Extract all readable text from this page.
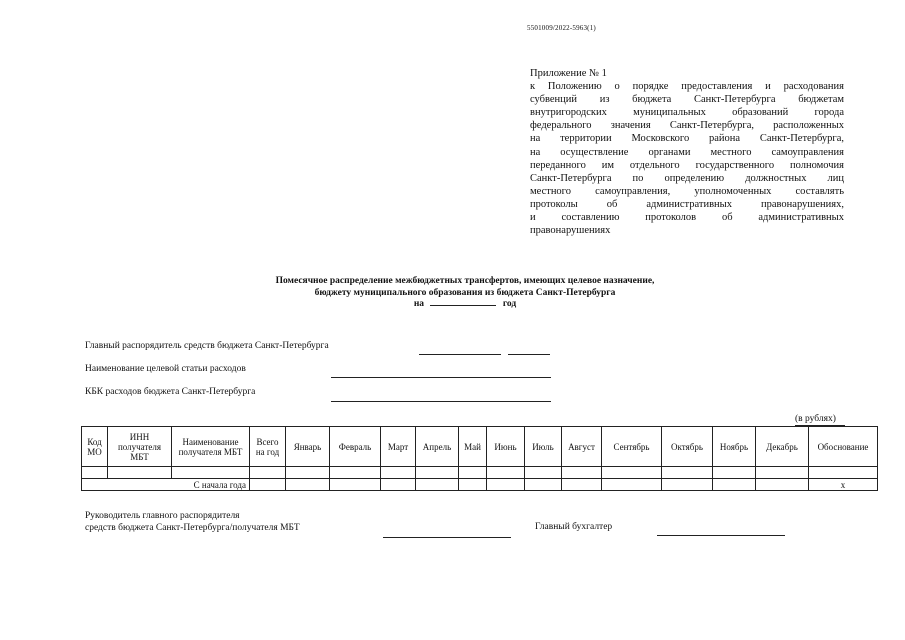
5501009/2022-5963(1)
Приложение № 1
к Положению о порядке предоставления и расходования
субвенций из бюджета Санкт-Петербурга бюджетам
внутригородских муниципальных образований города
федерального значения Санкт-Петербурга, расположенных
на территории Московского района Санкт-Петербурга,
на осуществление органами местного самоуправления
переданного им отдельного государственного полномочия
Санкт-Петербурга по определению должностных лиц
местного самоуправления, уполномоченных составлять
протоколы об административных правонарушениях,
и составлению протоколов об административных
правонарушениях
Помесячное распределение межбюджетных трансфертов, имеющих целевое назначение,
бюджету муниципального образования из бюджета Санкт-Петербурга
на	год
Главный распорядитель средств бюджета Санкт-Петербурга
Наименование целевой статьи расходов
КБК расходов бюджета Санкт-Петербурга
(в рублях)
Код МО	ИНН получателя МБТ	Наименование получателя МБТ	Всего на год	Январь	Февраль	Март	Апрель	Май	Июнь	Июль	Август	Сентябрь	Октябрь	Ноябрь	Декабрь	Обоснование

С начала года																х
Руководитель главного распорядителя
средств бюджета Санкт-Петербурга/получателя МБТ	Главный бухгалтер
